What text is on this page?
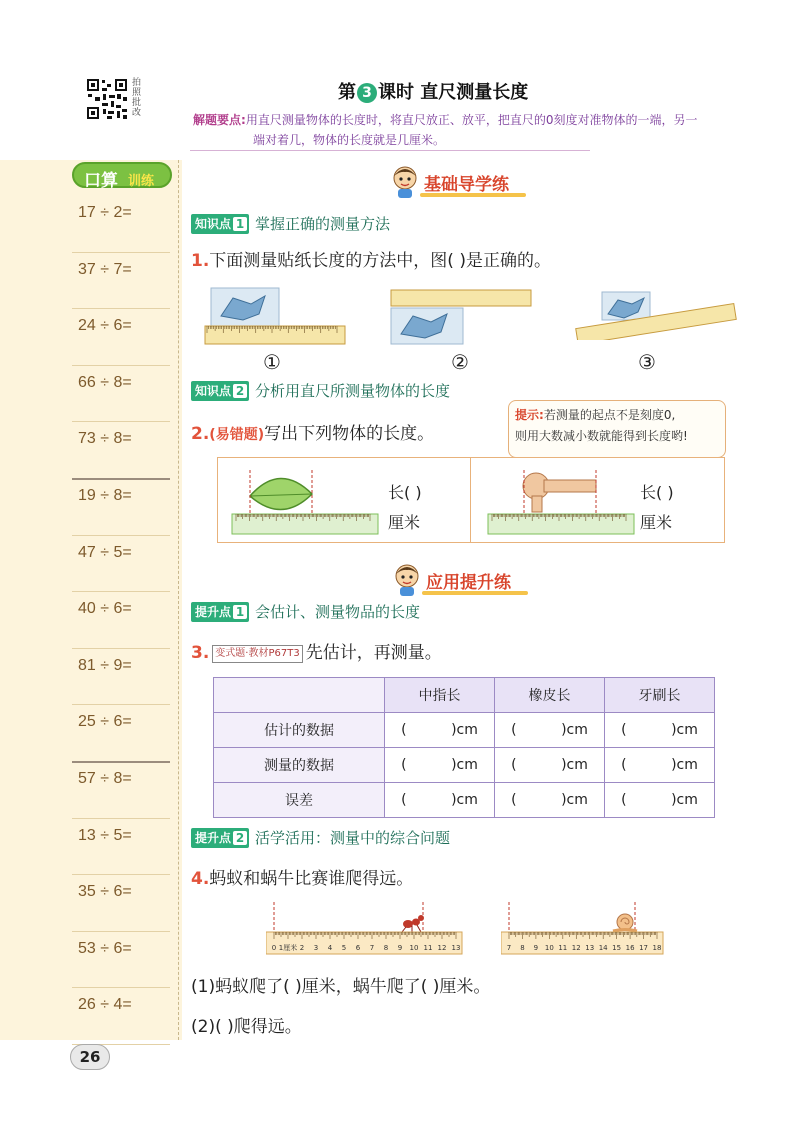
口算 训练
17 ÷ 2=
37 ÷ 7=
24 ÷ 6=
66 ÷ 8=
73 ÷ 8=
19 ÷ 8=
47 ÷ 5=
40 ÷ 6=
81 ÷ 9=
25 ÷ 6=
57 ÷ 8=
13 ÷ 5=
35 ÷ 6=
53 ÷ 6=
26 ÷ 4=
拍照批改
第 3 课时 直尺测量长度
解题要点:用直尺测量物体的长度时，将直尺放正、放平，把直尺的0刻度对准物体的一端，另一
端对着几，物体的长度就是几厘米。
基础导学练
知识点 1 掌握正确的测量方法
1.下面测量贴纸长度的方法中，图( )是正确的。
①	②	③
知识点 2 分析用直尺所测量物体的长度
2.(易错题)写出下列物体的长度。
提示:若测量的起点不是刻度0,
则用大数减小数就能得到长度哟!
长( )
厘米
长( )
厘米
应用提升练
提升点 1 会估计、测量物品的长度
3. 变式题·教材P67T3 先估计，再测量。
	中指长	橡皮长	牙刷长
估计的数据	( )cm	( )cm	( )cm
测量的数据	( )cm	( )cm	( )cm
误差	( )cm	( )cm	( )cm
提升点 2 活学活用：测量中的综合问题
4.蚂蚁和蜗牛比赛谁爬得远。
0 1厘米 2 3 4 5 6 7 8 9 10 11 12 13	7 8 9 10 11 12 13 14 15 16 17 18
(1)蚂蚁爬了( )厘米，蜗牛爬了( )厘米。
(2)( )爬得远。
26
